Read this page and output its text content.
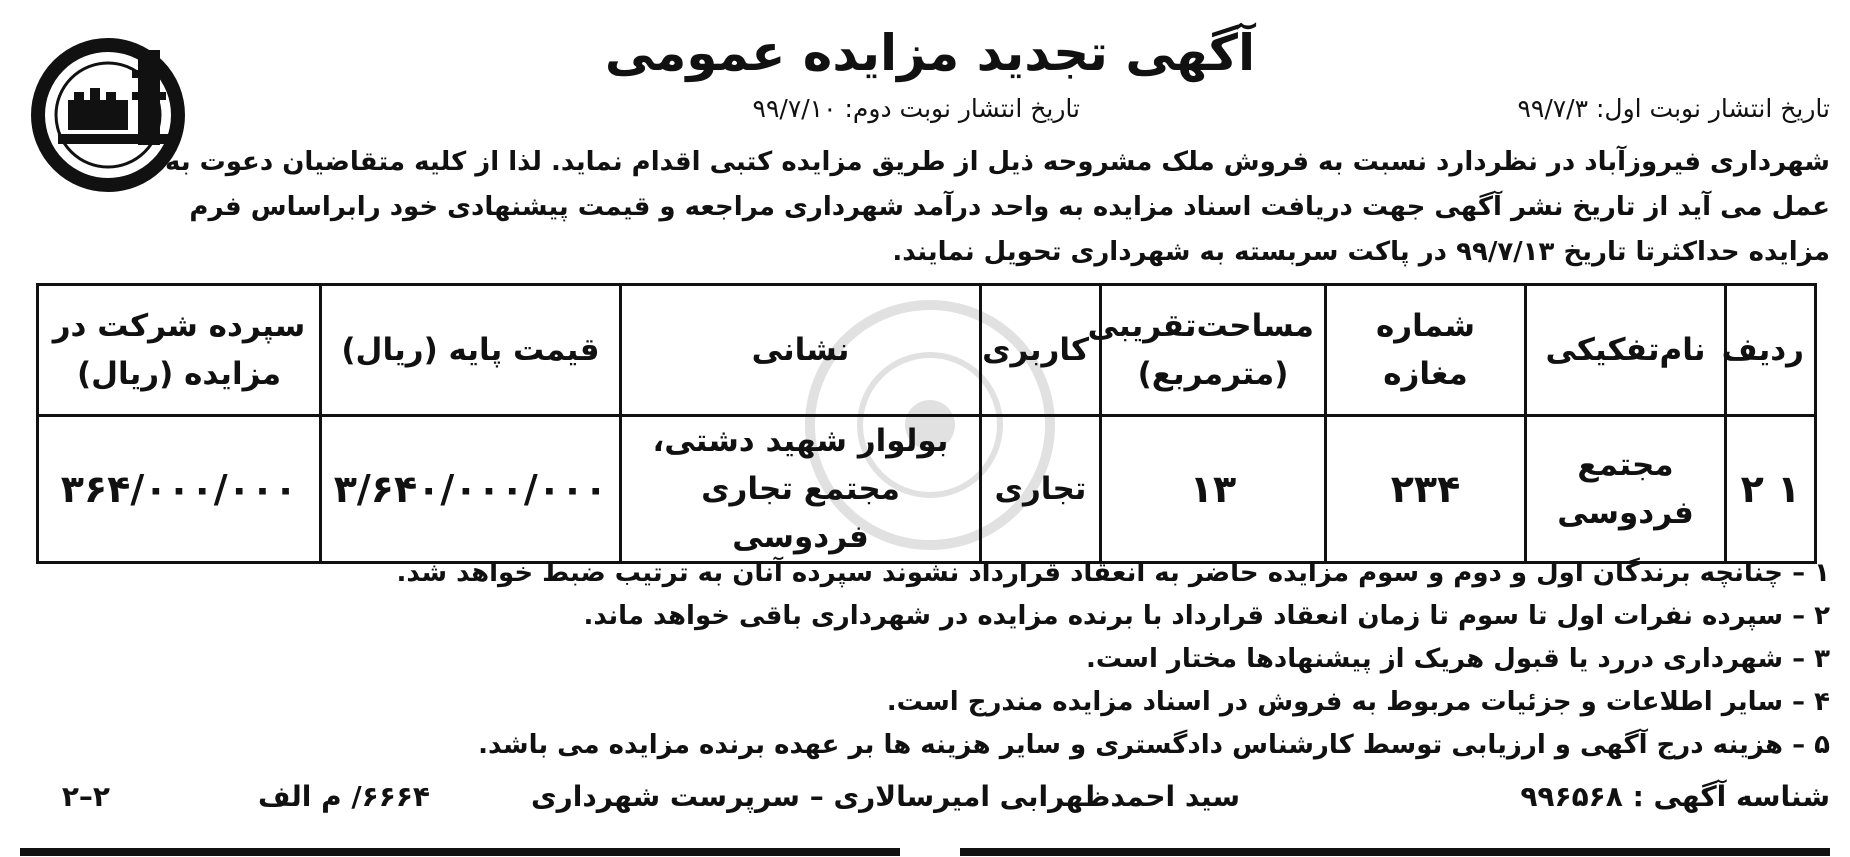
آگهی تجدید مزایده عمومی
تاریخ انتشار نوبت اول: ۹۹/۷/۳
تاریخ انتشار نوبت دوم: ۹۹/۷/۱۰
شهرداری فیروزآباد در نظردارد نسبت به فروش ملک مشروحه ذیل از طریق مزایده کتبی اقدام نماید. لذا از کلیه متقاضیان دعوت به
عمل می آید از تاریخ نشر آگهی جهت دریافت اسناد مزایده به واحد درآمد شهرداری مراجعه و قیمت پیشنهادی خود رابراساس فرم
مزایده حداکثرتا تاریخ ۹۹/۷/۱۳ در پاکت سربسته به شهرداری تحویل نمایند.
ردیف	نام‌تفکیکی	شماره مغازه	مساحت‌تقریبی (مترمربع)	کاربری	نشانی	قیمت پایه (ریال)	سپرده شرکت در مزایده (ریال)
۱ ۲	مجتمع فردوسی	۲۳۴	۱۳	تجاری	بولوار شهید دشتی، مجتمع تجاری فردوسی	۳/۶۴۰/۰۰۰/۰۰۰	۳۶۴/۰۰۰/۰۰۰
۱ – چنانچه برندگان اول و دوم و سوم مزایده حاضر به انعقاد قرارداد نشوند سپرده آنان به ترتیب ضبط خواهد شد.
۲ – سپرده نفرات اول تا سوم تا زمان انعقاد قرارداد با برنده مزایده در شهرداری باقی خواهد ماند.
۳ – شهرداری دررد یا قبول هریک از پیشنهادها مختار است.
۴ – سایر اطلاعات و جزئیات مربوط به فروش در اسناد مزایده مندرج است.
۵ – هزینه درج آگهی و ارزیابی توسط کارشناس دادگستری و سایر هزینه ها بر عهده برنده مزایده می باشد.
شناسه آگهی : ۹۹۶۵۶۸
سید احمدظهرابی امیرسالاری – سرپرست شهرداری
۶۶۶۴/ م الف
۲–۲
